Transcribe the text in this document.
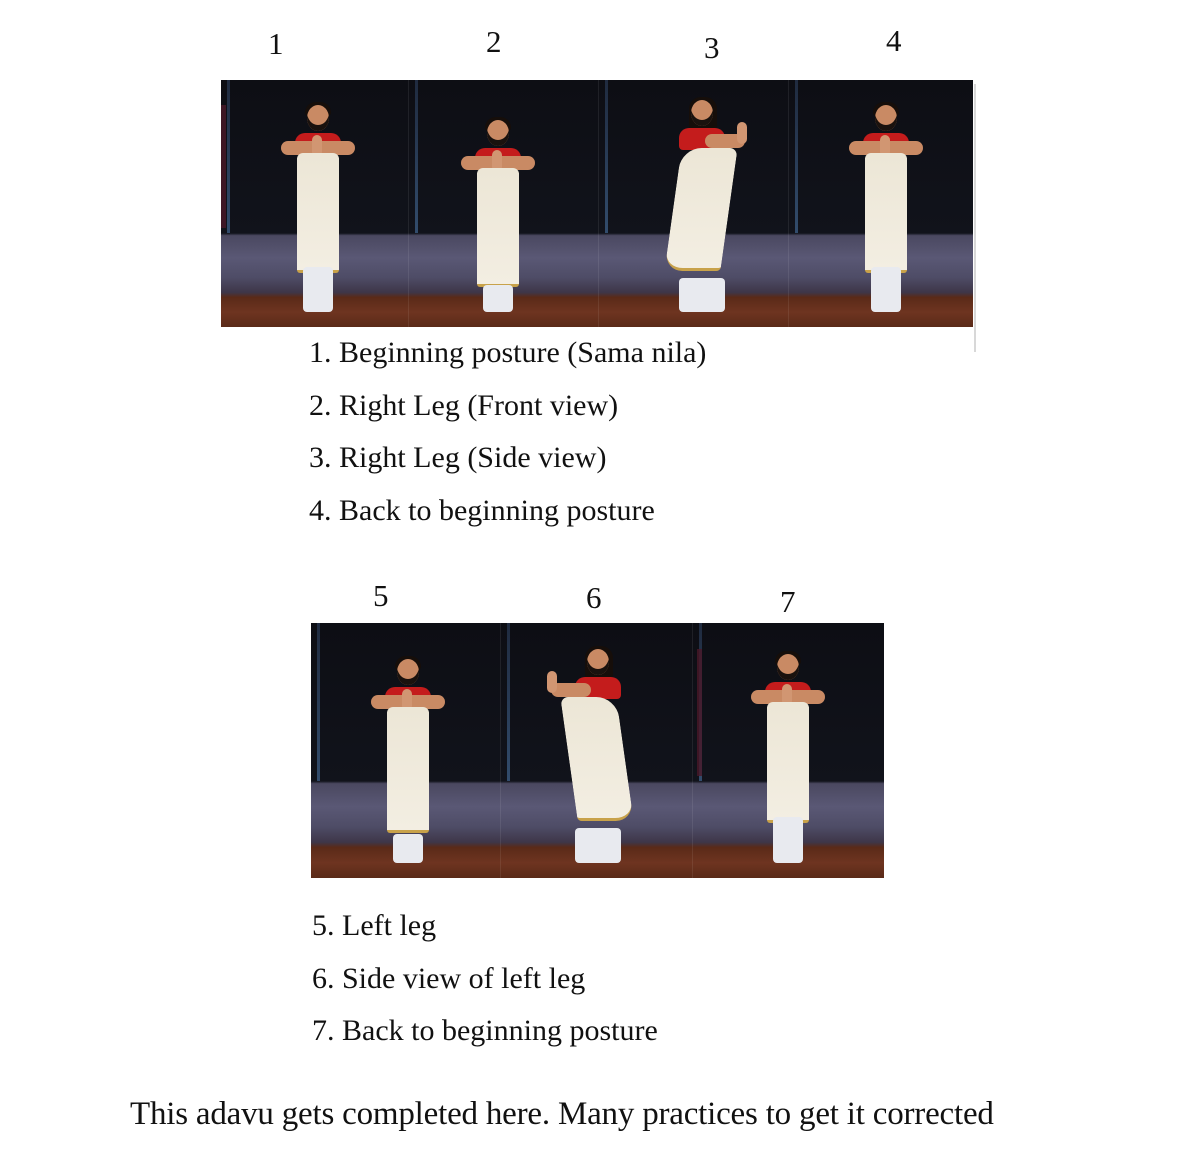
1	2	3	4
1. Beginning posture (Sama nila)
2. Right Leg (Front view)
3. Right Leg (Side view)
4. Back to beginning posture
5	6	7
5. Left leg
6. Side view of left leg
7. Back to beginning posture
This adavu gets completed here. Many practices to get it corrected
